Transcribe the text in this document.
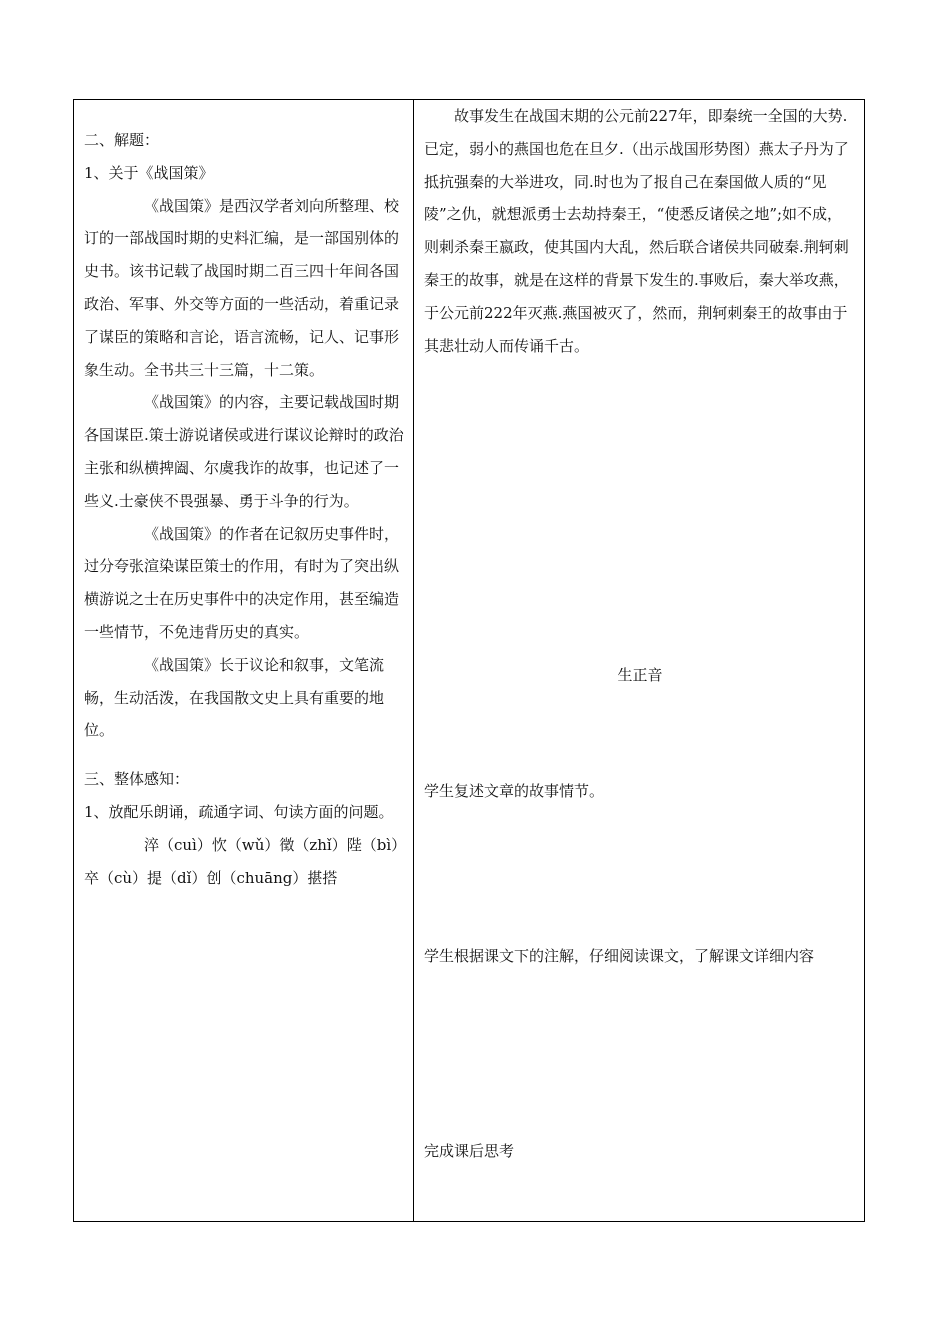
二、解题：

1、关于《战国策》

《战国策》是西汉学者刘向所整理、校订的一部战国时期的史料汇编，是一部国别体的史书。该书记载了战国时期二百三四十年间各国政治、军事、外交等方面的一些活动，着重记录了谋臣的策略和言论，语言流畅，记人、记事形象生动。全书共三十三篇，十二策。

《战国策》的内容，主要记载战国时期各国谋臣.策士游说诸侯或进行谋议论辩时的政治主张和纵横捭阖、尔虞我诈的故事，也记述了一些义.士豪侠不畏强暴、勇于斗争的行为。

《战国策》的作者在记叙历史事件时，过分夸张渲染谋臣策士的作用，有时为了突出纵横游说之士在历史事件中的决定作用，甚至编造一些情节，不免违背历史的真实。

《战国策》长于议论和叙事，文笔流畅，生动活泼，在我国散文史上具有重要的地位。

三、整体感知：

1、放配乐朗诵，疏通字词、句读方面的问题。

淬（cuì）忺（wǔ）徵（zhǐ）陛（bì）卒（cù）提（dǐ）创（chuāng）揕搭

故事发生在战国末期的公元前227年，即秦统一全国的大势.已定，弱小的燕国也危在旦夕.（出示战国形势图）燕太子丹为了抵抗强秦的大举进攻，同.时也为了报自己在秦国做人质的“见陵”之仇，就想派勇士去劫持秦王，“使悉反诸侯之地”;如不成，则刺杀秦王嬴政，使其国内大乱，然后联合诸侯共同破秦.荆轲刺秦王的故事，就是在这样的背景下发生的.事败后，秦大举攻燕，于公元前222年灭燕.燕国被灭了，然而，荆轲刺秦王的故事由于其悲壮动人而传诵千古。

生正音
学生复述文章的故事情节。
学生根据课文下的注解，仔细阅读课文，了解课文详细内容
完成课后思考
